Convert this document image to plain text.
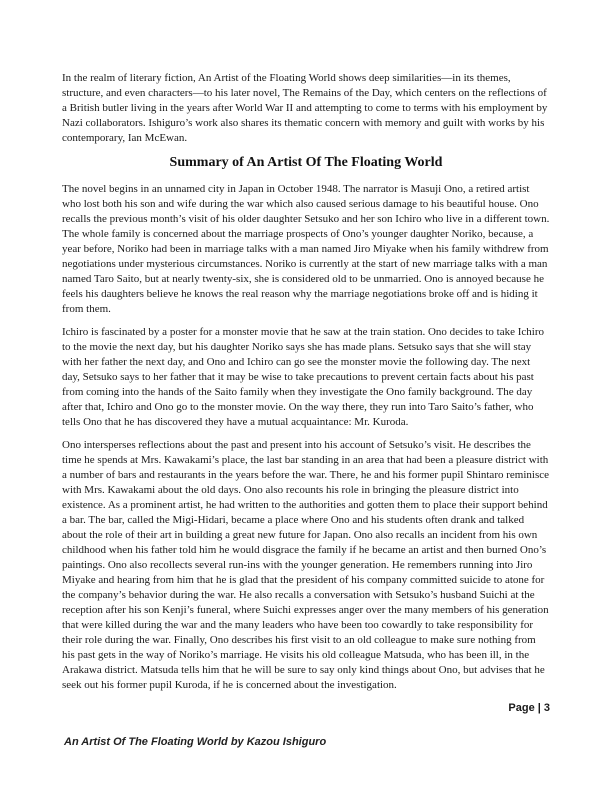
In the realm of literary fiction, An Artist of the Floating World shows deep similarities—in its themes, structure, and even characters—to his later novel, The Remains of the Day, which centers on the reflections of a British butler living in the years after World War II and attempting to come to terms with his employment by Nazi collaborators. Ishiguro’s work also shares its thematic concern with memory and guilt with works by his contemporary, Ian McEwan.

Summary of An Artist Of The Floating World

The novel begins in an unnamed city in Japan in October 1948. The narrator is Masuji Ono, a retired artist who lost both his son and wife during the war which also caused serious damage to his beautiful house. Ono recalls the previous month’s visit of his older daughter Setsuko and her son Ichiro who live in a different town. The whole family is concerned about the marriage prospects of Ono’s younger daughter Noriko, because, a year before, Noriko had been in marriage talks with a man named Jiro Miyake when his family withdrew from negotiations under mysterious circumstances. Noriko is currently at the start of new marriage talks with a man named Taro Saito, but at nearly twenty-six, she is considered old to be unmarried. Ono is annoyed because he feels his daughters believe he knows the real reason why the marriage negotiations broke off and is hiding it from them.

Ichiro is fascinated by a poster for a monster movie that he saw at the train station. Ono decides to take Ichiro to the movie the next day, but his daughter Noriko says she has made plans. Setsuko says that she will stay with her father the next day, and Ono and Ichiro can go see the monster movie the following day. The next day, Setsuko says to her father that it may be wise to take precautions to prevent certain facts about his past from coming into the hands of the Saito family when they investigate the Ono family background. The day after that, Ichiro and Ono go to the monster movie. On the way there, they run into Taro Saito’s father, who tells Ono that he has discovered they have a mutual acquaintance: Mr. Kuroda.

Ono intersperses reflections about the past and present into his account of Setsuko’s visit. He describes the time he spends at Mrs. Kawakami’s place, the last bar standing in an area that had been a pleasure district with a number of bars and restaurants in the years before the war. There, he and his former pupil Shintaro reminisce with Mrs. Kawakami about the old days. Ono also recounts his role in bringing the pleasure district into existence. As a prominent artist, he had written to the authorities and gotten them to place their support behind a bar. The bar, called the Migi-Hidari, became a place where Ono and his students often drank and talked about the role of their art in building a great new future for Japan. Ono also recalls an incident from his own childhood when his father told him he would disgrace the family if he became an artist and then burned Ono’s paintings. Ono also recollects several run-ins with the younger generation. He remembers running into Jiro Miyake and hearing from him that he is glad that the president of his company committed suicide to atone for the company’s behavior during the war. He also recalls a conversation with Setsuko’s husband Suichi at the reception after his son Kenji’s funeral, where Suichi expresses anger over the many members of his generation that were killed during the war and the many leaders who have been too cowardly to take responsibility for their role during the war. Finally, Ono describes his first visit to an old colleague to make sure nothing from his past gets in the way of Noriko’s marriage. He visits his old colleague Matsuda, who has been ill, in the Arakawa district. Matsuda tells him that he will be sure to say only kind things about Ono, but advises that he seek out his former pupil Kuroda, if he is concerned about the investigation.

Page | 3
An Artist Of The Floating World by Kazou Ishiguro
